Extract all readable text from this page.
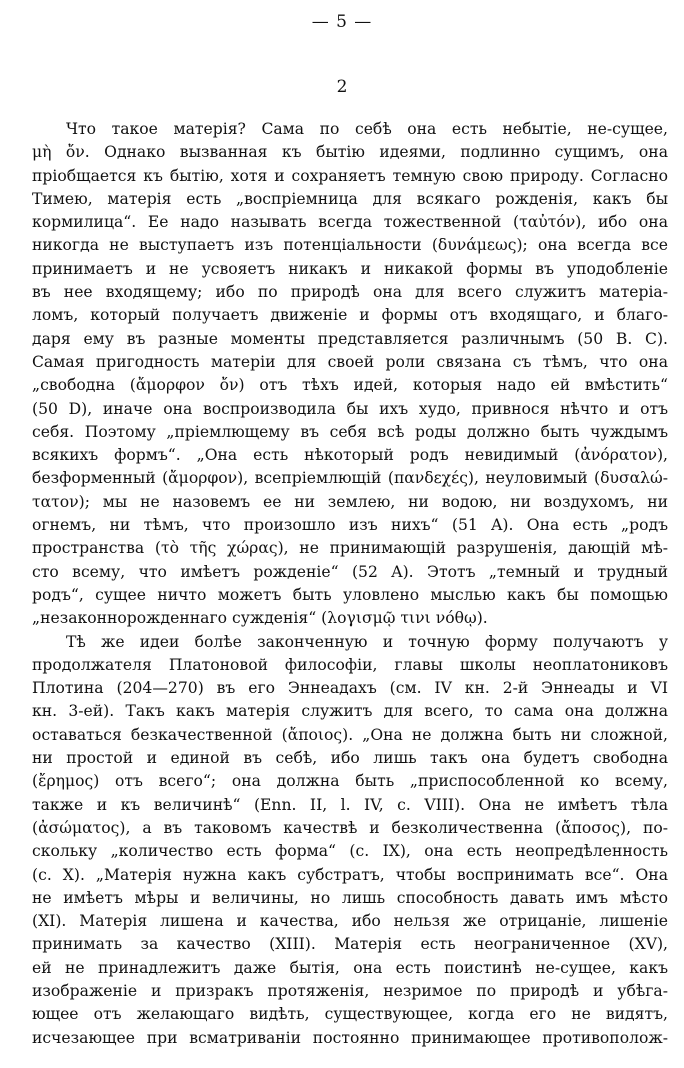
— 5 —
2
Что такое матерія? Сама по себѣ она есть небытіе, не-сущее,
μὴ ὄν. Однако вызванная къ бытію идеями, подлинно сущимъ, она
пріобщается къ бытію, хотя и сохраняетъ темную свою природу. Согласно
Тимею, матерія есть „воспріемница для всякаго рожденія, какъ бы
кормилица“. Ее надо называть всегда тожественной (ταὐτόν), ибо она
никогда не выступаетъ изъ потенціальности (δυνάμεως); она всегда все
принимаетъ и не усвояетъ никакъ и никакой формы въ уподобленіе
въ нее входящему; ибо по природѣ она для всего служитъ матеріа-
ломъ, который получаетъ движеніе и формы отъ входящаго, и благо-
даря ему въ разные моменты представляется различнымъ (50 B. C).
Самая пригодность матеріи для своей роли связана съ тѣмъ, что она
„свободна (ἄμορφον ὄν) отъ тѣхъ идей, которыя надо ей вмѣстить“
(50 D), иначе она воспроизводила бы ихъ худо, привнося нѣчто и отъ
себя. Поэтому „пріемлющему въ себя всѣ роды должно быть чуждымъ
всякихъ формъ“. „Она есть нѣкоторый родъ невидимый (ἀνόρατον),
безформенный (ἄμορφον), всепріемлющій (πανδεχές), неуловимый (δυσαλώ-
τατον); мы не назовемъ ее ни землею, ни водою, ни воздухомъ, ни
огнемъ, ни тѣмъ, что произошло изъ нихъ“ (51 A). Она есть „родъ
пространства (τὸ τῆς χώρας), не принимающій разрушенія, дающій мѣ-
сто всему, что имѣетъ рожденіе“ (52 A). Этотъ „темный и трудный
родъ“, сущее ничто можетъ быть уловлено мыслью какъ бы помощью
„незаконнорожденнаго сужденія“ (λογισμῷ τινι νόθῳ).
Тѣ же идеи болѣе законченную и точную форму получаютъ у
продолжателя Платоновой философіи, главы школы неоплатониковъ
Плотина (204—270) въ его Эннеадахъ (см. IV кн. 2-й Эннеады и VI
кн. 3-ей). Такъ какъ матерія служитъ для всего, то сама она должна
оставаться безкачественной (ἄποιος). „Она не должна быть ни сложной,
ни простой и единой въ себѣ, ибо лишь такъ она будетъ свободна
(ἔρημος) отъ всего“; она должна быть „приспособленной ко всему,
также и къ величинѣ“ (Enn. II, l. IV, c. VIII). Она не имѣетъ тѣла
(ἀσώματος), а въ таковомъ качествѣ и безколичественна (ἄποσος), по-
скольку „количество есть форма“ (c. IX), она есть неопредѣленность
(c. X). „Матерія нужна какъ субстратъ, чтобы воспринимать все“. Она
не имѣетъ мѣры и величины, но лишь способность давать имъ мѣсто
(XI). Матерія лишена и качества, ибо нельзя же отрицаніе, лишеніе
принимать за качество (XIII). Матерія есть неограниченное (XV),
ей не принадлежитъ даже бытія, она есть поистинѣ не-сущее, какъ
изображеніе и призракъ протяженія, незримое по природѣ и убѣга-
ющее отъ желающаго видѣть, существующее, когда его не видятъ,
исчезающее при всматриваніи постоянно принимающее противополож-
